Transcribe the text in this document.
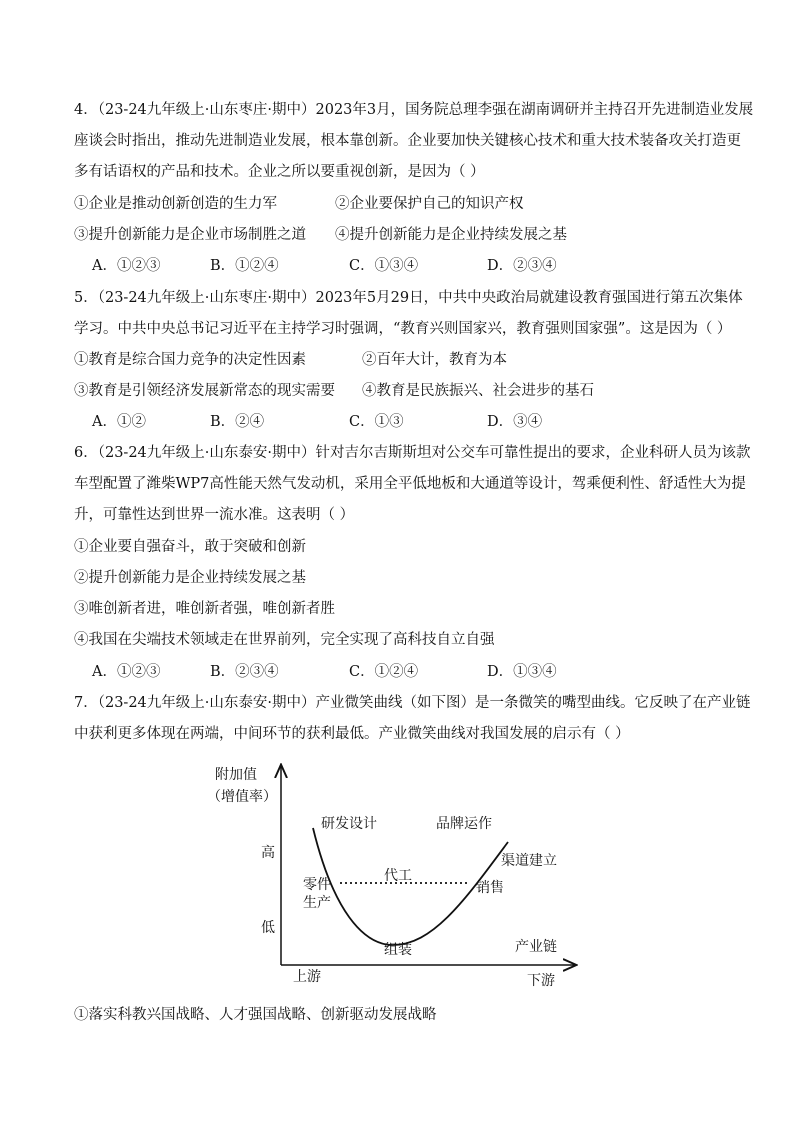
4．（23-24九年级上·山东枣庄·期中）2023年3月，国务院总理李强在湖南调研并主持召开先进制造业发展
座谈会时指出，推动先进制造业发展，根本靠创新。企业要加快关键核心技术和重大技术装备攻关打造更
多有话语权的产品和技术。企业之所以要重视创新，是因为（ ）
①企业是推动创新创造的生力军	②企业要保护自己的知识产权
③提升创新能力是企业市场制胜之道 ④提升创新能力是企业持续发展之基
A．①②③	B．①②④	C．①③④	D．②③④
5．（23-24九年级上·山东枣庄·期中）2023年5月29日，中共中央政治局就建设教育强国进行第五次集体
学习。中共中央总书记习近平在主持学习时强调，“教育兴则国家兴，教育强则国家强”。这是因为（ ）
①教育是综合国力竞争的决定性因素	②百年大计，教育为本
③教育是引领经济发展新常态的现实需要 ④教育是民族振兴、社会进步的基石
A．①②	B．②④	C．①③	D．③④
6．（23-24九年级上·山东泰安·期中）针对吉尔吉斯斯坦对公交车可靠性提出的要求，企业科研人员为该款
车型配置了潍柴WP7高性能天然气发动机，采用全平低地板和大通道等设计，驾乘便利性、舒适性大为提
升，可靠性达到世界一流水准。这表明（ ）
①企业要自强奋斗，敢于突破和创新
②提升创新能力是企业持续发展之基
③唯创新者进，唯创新者强，唯创新者胜
④我国在尖端技术领域走在世界前列，完全实现了高科技自立自强
A．①②③	B．②③④	C．①②④	D．①③④
7．（23-24九年级上·山东泰安·期中）产业微笑曲线（如下图）是一条微笑的嘴型曲线。它反映了在产业链
中获利更多体现在两端，中间环节的获利最低。产业微笑曲线对我国发展的启示有（ ）
附加值
（增值率）
高
低
研发设计	品牌运作
渠道建立
代工
零件
生产
销售
组装	产业链
上游	下游
①落实科教兴国战略、人才强国战略、创新驱动发展战略
